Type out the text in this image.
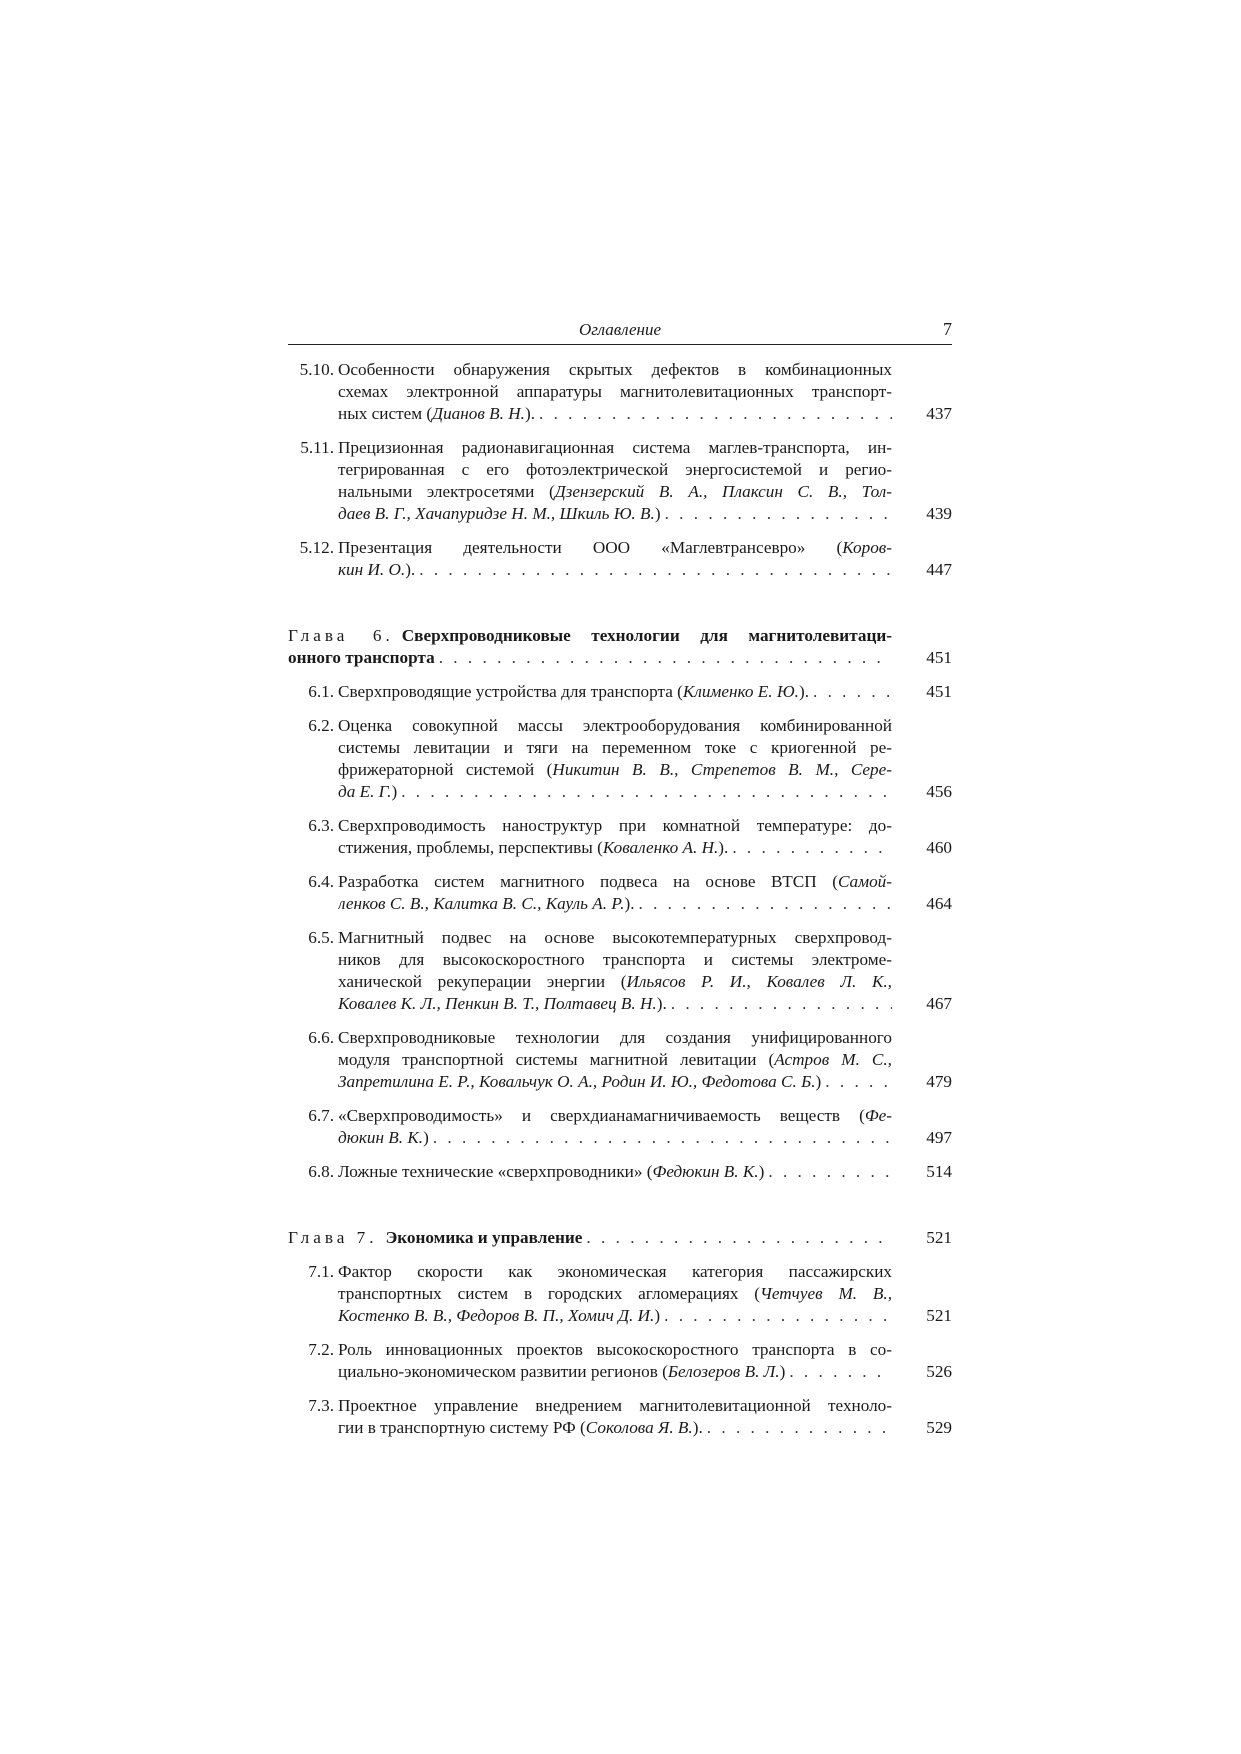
Оглавление	7
5.10. Особенности обнаружения скрытых дефектов в комбинационных
схемах электронной аппаратуры магнитолевитационных транспорт-
ных систем (Дианов В. Н.). . . .	437
5.11. Прецизионная радионавигационная система маглев-транспорта, ин-
тегрированная с его фотоэлектрической энергосистемой и регио-
нальными электросетями (Дзензерский В. А., Плаксин С. В., Тол-
даев В. Г., Хачапуридзе Н. М., Шкиль Ю. В.) . . .	439
5.12. Презентация деятельности ООО «Маглевтрансевро» (Коров-
кин И. О.). . . .	447
Глава 6. Сверхпроводниковые технологии для магнитолевитаци-
онного транспорта . . .	451
6.1. Сверхпроводящие устройства для транспорта (Клименко Е. Ю.). . . .	451
6.2. Оценка совокупной массы электрооборудования комбинированной
системы левитации и тяги на переменном токе с криогенной ре-
фрижераторной системой (Никитин В. В., Стрепетов В. М., Сере-
да Е. Г.) . . .	456
6.3. Сверхпроводимость наноструктур при комнатной температуре: до-
стижения, проблемы, перспективы (Коваленко А. Н.). . . .	460
6.4. Разработка систем магнитного подвеса на основе ВТСП (Самой-
ленков С. В., Калитка В. С., Кауль А. Р.). . . .	464
6.5. Магнитный подвес на основе высокотемпературных сверхпровод-
ников для высокоскоростного транспорта и системы электроме-
ханической рекуперации энергии (Ильясов Р. И., Ковалев Л. К.,
Ковалев К. Л., Пенкин В. Т., Полтавец В. Н.). . . .	467
6.6. Сверхпроводниковые технологии для создания унифицированного
модуля транспортной системы магнитной левитации (Астров М. С.,
Запретилина Е. Р., Ковальчук О. А., Родин И. Ю., Федотова С. Б.) . . .	479
6.7. «Сверхпроводимость» и сверхдианамагничиваемость веществ (Фе-
дюкин В. К.) . . .	497
6.8. Ложные технические «сверхпроводники» (Федюкин В. К.) . . .	514
Глава 7. Экономика и управление . . .	521
7.1. Фактор скорости как экономическая категория пассажирских
транспортных систем в городских агломерациях (Четчуев М. В.,
Костенко В. В., Федоров В. П., Хомич Д. И.) . . .	521
7.2. Роль инновационных проектов высокоскоростного транспорта в со-
циально-экономическом развитии регионов (Белозеров В. Л.) . . .	526
7.3. Проектное управление внедрением магнитолевитационной техноло-
гии в транспортную систему РФ (Соколова Я. В.). . . .	529
